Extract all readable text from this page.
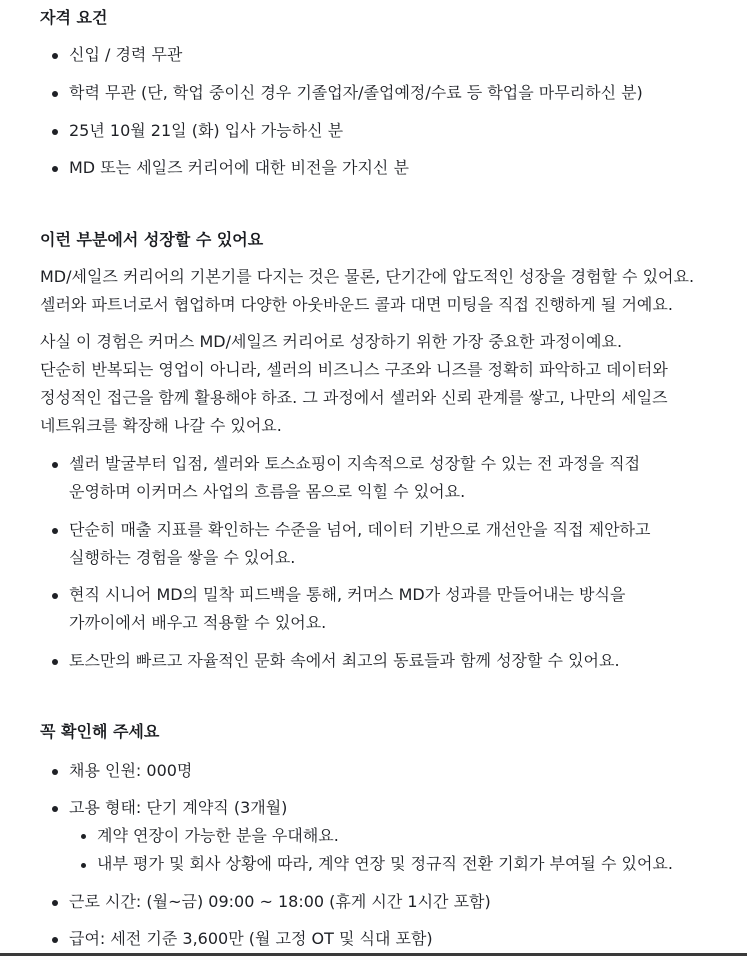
자격 요건
신입 / 경력 무관
학력 무관 (단, 학업 중이신 경우 기졸업자/졸업예정/수료 등 학업을 마무리하신 분)
25년 10월 21일 (화) 입사 가능하신 분
MD 또는 세일즈 커리어에 대한 비전을 가지신 분
이런 부분에서 성장할 수 있어요
MD/세일즈 커리어의 기본기를 다지는 것은 물론, 단기간에 압도적인 성장을 경험할 수 있어요.
셀러와 파트너로서 협업하며 다양한 아웃바운드 콜과 대면 미팅을 직접 진행하게 될 거예요.
사실 이 경험은 커머스 MD/세일즈 커리어로 성장하기 위한 가장 중요한 과정이예요.
단순히 반복되는 영업이 아니라, 셀러의 비즈니스 구조와 니즈를 정확히 파악하고 데이터와
정성적인 접근을 함께 활용해야 하죠. 그 과정에서 셀러와 신뢰 관계를 쌓고, 나만의 세일즈
네트워크를 확장해 나갈 수 있어요.
셀러 발굴부터 입점, 셀러와 토스쇼핑이 지속적으로 성장할 수 있는 전 과정을 직접
운영하며 이커머스 사업의 흐름을 몸으로 익힐 수 있어요.
단순히 매출 지표를 확인하는 수준을 넘어, 데이터 기반으로 개선안을 직접 제안하고
실행하는 경험을 쌓을 수 있어요.
현직 시니어 MD의 밀착 피드백을 통해, 커머스 MD가 성과를 만들어내는 방식을
가까이에서 배우고 적용할 수 있어요.
토스만의 빠르고 자율적인 문화 속에서 최고의 동료들과 함께 성장할 수 있어요.
꼭 확인해 주세요
채용 인원: 000명
고용 형태: 단기 계약직 (3개월)
계약 연장이 가능한 분을 우대해요.
내부 평가 및 회사 상황에 따라, 계약 연장 및 정규직 전환 기회가 부여될 수 있어요.
근로 시간: (월~금) 09:00 ~ 18:00 (휴게 시간 1시간 포함)
급여: 세전 기준 3,600만 (월 고정 OT 및 식대 포함)
